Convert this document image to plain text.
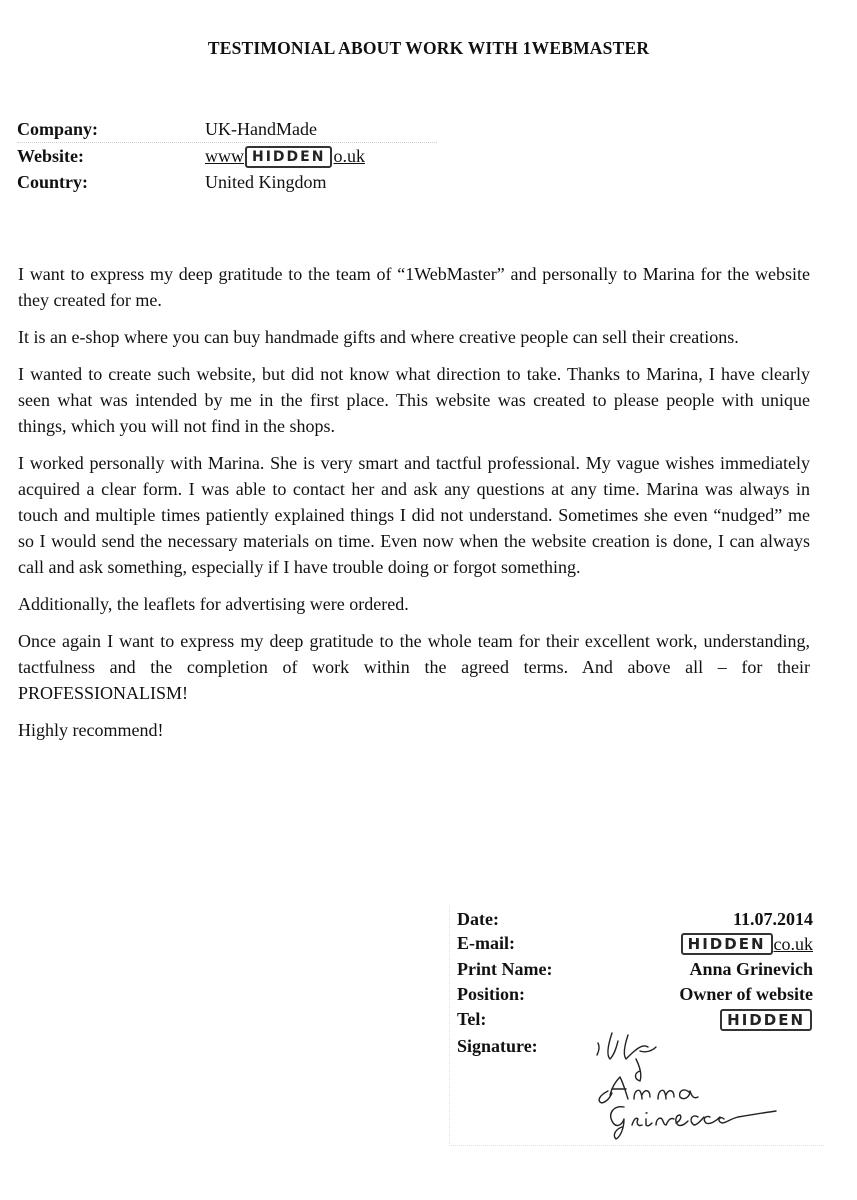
TESTIMONIAL ABOUT WORK WITH 1WEBMASTER
Company:	UK-HandMade
Website:	www HIDDEN o.uk
Country:	United Kingdom

I want to express my deep gratitude to the team of “1WebMaster” and personally to Marina for the website they created for me.

It is an e-shop where you can buy handmade gifts and where creative people can sell their creations.

I wanted to create such website, but did not know what direction to take. Thanks to Marina, I have clearly seen what was intended by me in the first place. This website was created to please people with unique things, which you will not find in the shops.

I worked personally with Marina. She is very smart and tactful professional. My vague wishes immediately acquired a clear form. I was able to contact her and ask any questions at any time. Marina was always in touch and multiple times patiently explained things I did not understand. Sometimes she even “nudged” me so I would send the necessary materials on time. Even now when the website creation is done, I can always call and ask something, especially if I have trouble doing or forgot something.

Additionally, the leaflets for advertising were ordered.

Once again I want to express my deep gratitude to the whole team for their excellent work, understanding, tactfulness and the completion of work within the agreed terms. And above all – for their PROFESSIONALISM!

Highly recommend!

Date:	11.07.2014
E-mail:	HIDDEN co.uk
Print Name:	Anna Grinevich
Position:	Owner of website
Tel:	HIDDEN
Signature:
